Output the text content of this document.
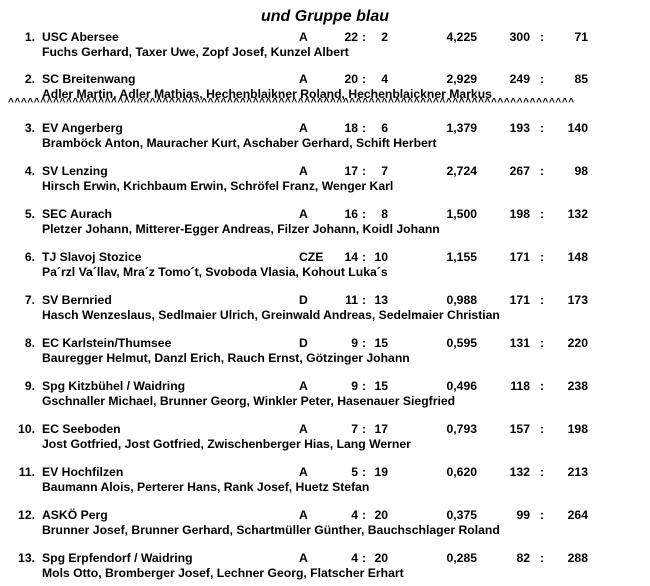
und Gruppe blau
^^^^^^^^^^^^^^^^^^^^^^^^^^^^^^^^^^^^^^^^^^^^^^^^^^^^^^^^^^^^^^^^^^^^^^^^^^^^^^^^^^^^^^^^
1. USC Abersee	A	22 :	2	4,225	300 :	71
Fuchs Gerhard, Taxer Uwe, Zopf Josef, Kunzel Albert
2. SC Breitenwang	A	20 :	4	2,929	249 :	85
Adler Martin, Adler Mathias, Hechenblaikner Roland, Hechenblaickner Markus
3. EV Angerberg	A	18 :	6	1,379	193 :	140
Bramböck Anton, Mauracher Kurt, Aschaber Gerhard, Schift Herbert
4. SV Lenzing	A	17 :	7	2,724	267 :	98
Hirsch Erwin, Krichbaum Erwin, Schröfel Franz, Wenger Karl
5. SEC Aurach	A	16 :	8	1,500	198 :	132
Pletzer Johann, Mitterer-Egger Andreas, Filzer Johann, Koidl Johann
6. TJ Slavoj Stozice	CZE	14 : 10	1,155	171 :	148
Pa´rzl Va´llav, Mra´z Tomo´t, Svoboda Vlasia, Kohout Luka´s
7. SV Bernried	D	11 : 13	0,988	171 :	173
Hasch Wenzeslaus, Sedlmaier Ulrich, Greinwald Andreas, Sedelmaier Christian
8. EC Karlstein/Thumsee	D	9 : 15	0,595	131 :	220
Bauregger Helmut, Danzl Erich, Rauch Ernst, Götzinger Johann
9. Spg Kitzbühel / Waidring	A	9 : 15	0,496	118 :	238
Gschnaller Michael, Brunner Georg, Winkler Peter, Hasenauer Siegfried
10. EC Seeboden	A	7 : 17	0,793	157 :	198
Jost Gotfried, Jost Gotfried, Zwischenberger Hias, Lang Werner
11. EV Hochfilzen	A	5 : 19	0,620	132 :	213
Baumann Alois, Perterer Hans, Rank Josef, Huetz Stefan
12. ASKÖ Perg	A	4 : 20	0,375	99 :	264
Brunner Josef, Brunner Gerhard, Schartmüller Günther, Bauchschlager Roland
13. Spg Erpfendorf / Waidring	A	4 : 20	0,285	82 :	288
Mols Otto, Bromberger Josef, Lechner Georg, Flatscher Erhart
